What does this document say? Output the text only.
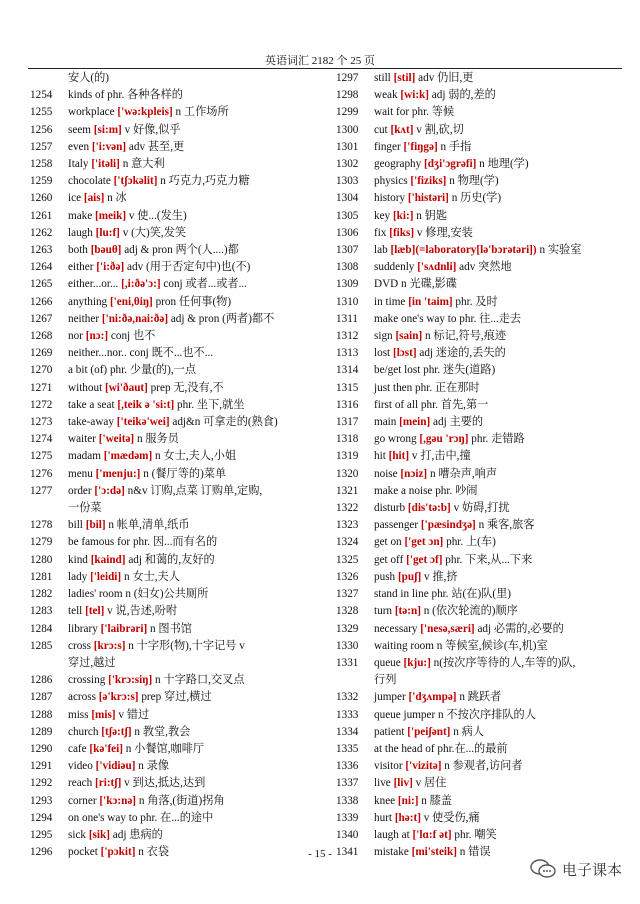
英语词汇 2182 个 25 页
安人(的)
1254 kinds of phr. 各种各样的
1255 workplace ['wə:kpleis] n 工作场所
1256 seem [si:m] v 好像,似乎
1257 even ['i:vən] adv 甚至,更
1258 Italy ['itəli] n 意大利
1259 chocolate ['tʃɔkəlit] n 巧克力,巧克力糖
1260 ice [ais] n 冰
1261 make [meik] v 使...(发生)
1262 laugh [lu:f] v (大)笑,发笑
1263 both [bəuθ] adj & pron 两个(人....)都
1264 either ['i:ðə] adv (用于否定句中)也(不)
1265 either...or... [,i:ðə'ɔ:] conj 或者...或者...
1266 anything ['eni,θiŋ] pron 任何事(物)
1267 neither ['ni:ðə,nai:ðə] adj & pron (两者)都不
1268 nor [nɔ:] conj 也不
1269 neither...nor.. conj 既不...也不...
1270 a bit (of) phr. 少量(的),一点
1271 without [wi'ðaut] prep 无,没有,不
1272 take a seat [,teik ə 'si:t] phr. 坐下,就坐
1273 take-away ['teikə'wei] adj&n 可拿走的(熟食)
1274 waiter ['weitə] n 服务员
1275 madam ['mædəm] n 女士,夫人,小姐
1276 menu ['menju:] n (餐厅等的)菜单
1277 order ['ɔ:də] n&v 订购,点菜 订购单,定购,
一份菜
1278 bill [bil] n 帐单,清单,纸币
1279 be famous for phr. 因...而有名的
1280 kind [kaind] adj 和蔼的,友好的
1281 lady ['leidi] n 女士,夫人
1282 ladies' room n (妇女)公共厕所
1283 tell [tel] v 说,告述,吩咐
1284 library ['laibrəri] n 图书馆
1285 cross [krɔ:s] n 十字形(物),十字记号 v
穿过,越过
1286 crossing ['krɔ:siŋ] n 十字路口,交叉点
1287 across [ə'krɔ:s] prep 穿过,横过
1288 miss [mis] v 错过
1289 church [tʃə:tʃ] n 教堂,教会
1290 cafe [kə'fei] n 小餐馆,咖啡厅
1291 video ['vidiəu] n 录像
1292 reach [ri:tʃ] v 到达,抵达,达到
1293 corner ['kɔ:nə] n 角落,(街道)拐角
1294 on one's way to phr. 在...的途中
1295 sick [sik] adj 患病的
1296 pocket ['pɔkit] n 衣袋
1297 still [stil] adv 仍旧,更
1298 weak [wi:k] adj 弱的,差的
1299 wait for phr. 等候
1300 cut [kʌt] v 割,砍,切
1301 finger ['fiŋgə] n 手指
1302 geography [dʒi'ɔgrəfi] n 地理(学)
1303 physics ['fiziks] n 物理(学)
1304 history ['histəri] n 历史(学)
1305 key [ki:] n 钥匙
1306 fix [fiks] v 修理,安装
1307 lab [læb](=laboratory[lə'bɔrətəri]) n 实验室
1308 suddenly ['sʌdnli] adv 突然地
1309 DVD n 光碟,影碟
1310 in time [in 'taim] phr. 及时
1311 make one's way to phr. 往...走去
1312 sign [sain] n 标记,符号,痕迹
1313 lost [lɔst] adj 迷途的,丢失的
1314 be/get lost phr. 迷失(道路)
1315 just then phr. 正在那时
1316 first of all phr. 首先,第一
1317 main [mein] adj 主要的
1318 go wrong [,gəu 'rɔŋ] phr. 走错路
1319 hit [hit] v 打,击中,撞
1320 noise [nɔiz] n 嘈杂声,响声
1321 make a noise phr. 吵闹
1322 disturb [dis'tə:b] v 妨碍,打扰
1323 passenger ['pæsindʒə] n 乘客,旅客
1324 get on ['get ɔn] phr. 上(车)
1325 get off ['get ɔf] phr. 下来,从...下来
1326 push [puʃ] v 推,挤
1327 stand in line phr. 站(在)队(里)
1328 turn [tə:n] n (依次轮流的)顺序
1329 necessary ['nesə,særi] adj 必需的,必要的
1330 waiting room n 等候室,候诊(车,机)室
1331 queue [kju:] n(按次序等待的人,车等的)队,
行列
1332 jumper ['dʒʌmpə] n 跳跃者
1333 queue jumper n 不按次序排队的人
1334 patient ['peiʃənt] n 病人
1335 at the head of phr.在...的最前
1336 visitor ['vizitə] n 参观者,访问者
1337 live [liv] v 居住
1338 knee [ni:] n 膝盖
1339 hurt [hə:t] v 使受伤,痛
1340 laugh at ['lɑ:f ət] phr. 嘲笑
1341 mistake [mi'steik] n 错误
- 15 -
电子课本
